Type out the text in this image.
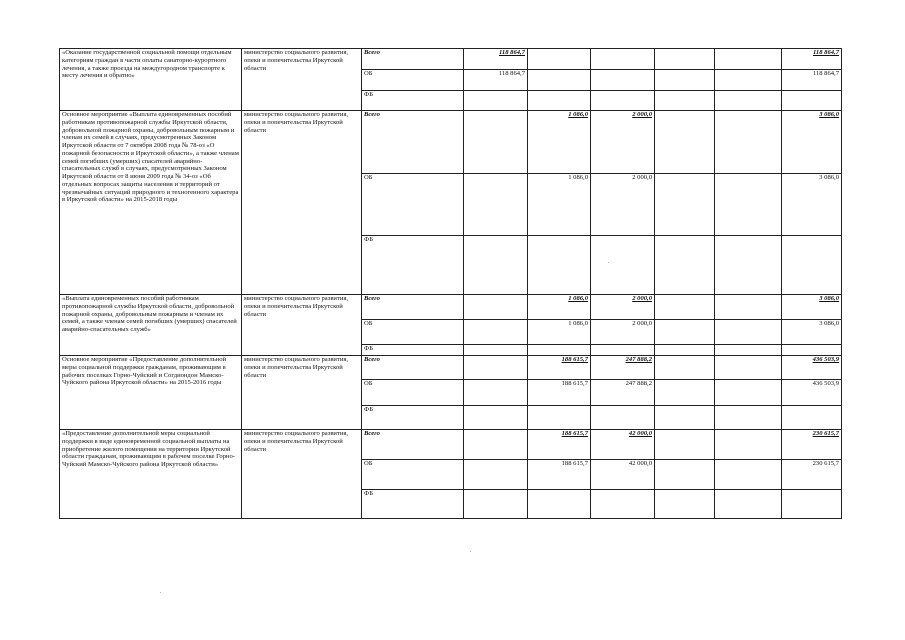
«Оказание государственной социальной помощи отдельным категориям граждан в части оплаты санаторно-курортного лечения, а также проезда на междугородном транспорте к месту лечения и обратно»	министерство социального развития, опеки и попечительства Иркутской области	Всего	118 864,7					118 864,7
		ОБ	118 864,7					118 864,7
		ФБ						
Основное мероприятие «Выплата единовременных пособий работникам противопожарной службы Иркутской области, добровольной пожарной охраны, добровольным пожарным и членам их семей в случаях, предусмотренных Законом Иркутской области от 7 октября 2008 года № 78-оз «О пожарной безопасности в Иркутской области», а также членам семей погибших (умерших) спасателей аварийно-спасательных служб в случаях, предусмотренных Законом Иркутской области от 8 июня 2009 года № 34-оз «Об отдельных вопросах защиты населения и территорий от чрезвычайных ситуаций природного и техногенного характера в Иркутской области» на 2015-2018 годы	министерство социального развития, опеки и попечительства Иркутской области	Всего		1 086,0	2 000,0			3 086,0
		ОБ		1 086,0	2 000,0			3 086,0
		ФБ						
«Выплата единовременных пособий работникам противопожарной службы Иркутской области, добровольной пожарной охраны, добровольным пожарным и членам их семей, а также членам семей погибших (умерших) спасателей аварийно-спасательных служб»	министерство социального развития, опеки и попечительства Иркутской области	Всего		1 086,0	2 000,0			3 086,0
		ОБ		1 086,0	2 000,0			3 086,0
		ФБ						
Основное мероприятие «Предоставление дополнительной меры социальной поддержки гражданам, проживающим в рабочих поселках Горно-Чуйский и Согдиондон Мамско-Чуйского района Иркутской области» на 2015-2016 годы	министерство социального развития, опеки и попечительства Иркутской области	Всего		188 615,7	247 888,2			436 503,9
		ОБ		188 615,7	247 888,2			436 503,9
		ФБ						
«Предоставление дополнительной меры социальной поддержки в виде единовременной социальной выплаты на приобретение жилого помещения на территории Иркутской области гражданам, проживающим в рабочем поселке Горно-Чуйский Мамско-Чуйского района Иркутской области»	министерство социального развития, опеки и попечительства Иркутской области	Всего		188 615,7	42 000,0			230 615,7
		ОБ		188 615,7	42 000,0			230 615,7
		ФБ						
